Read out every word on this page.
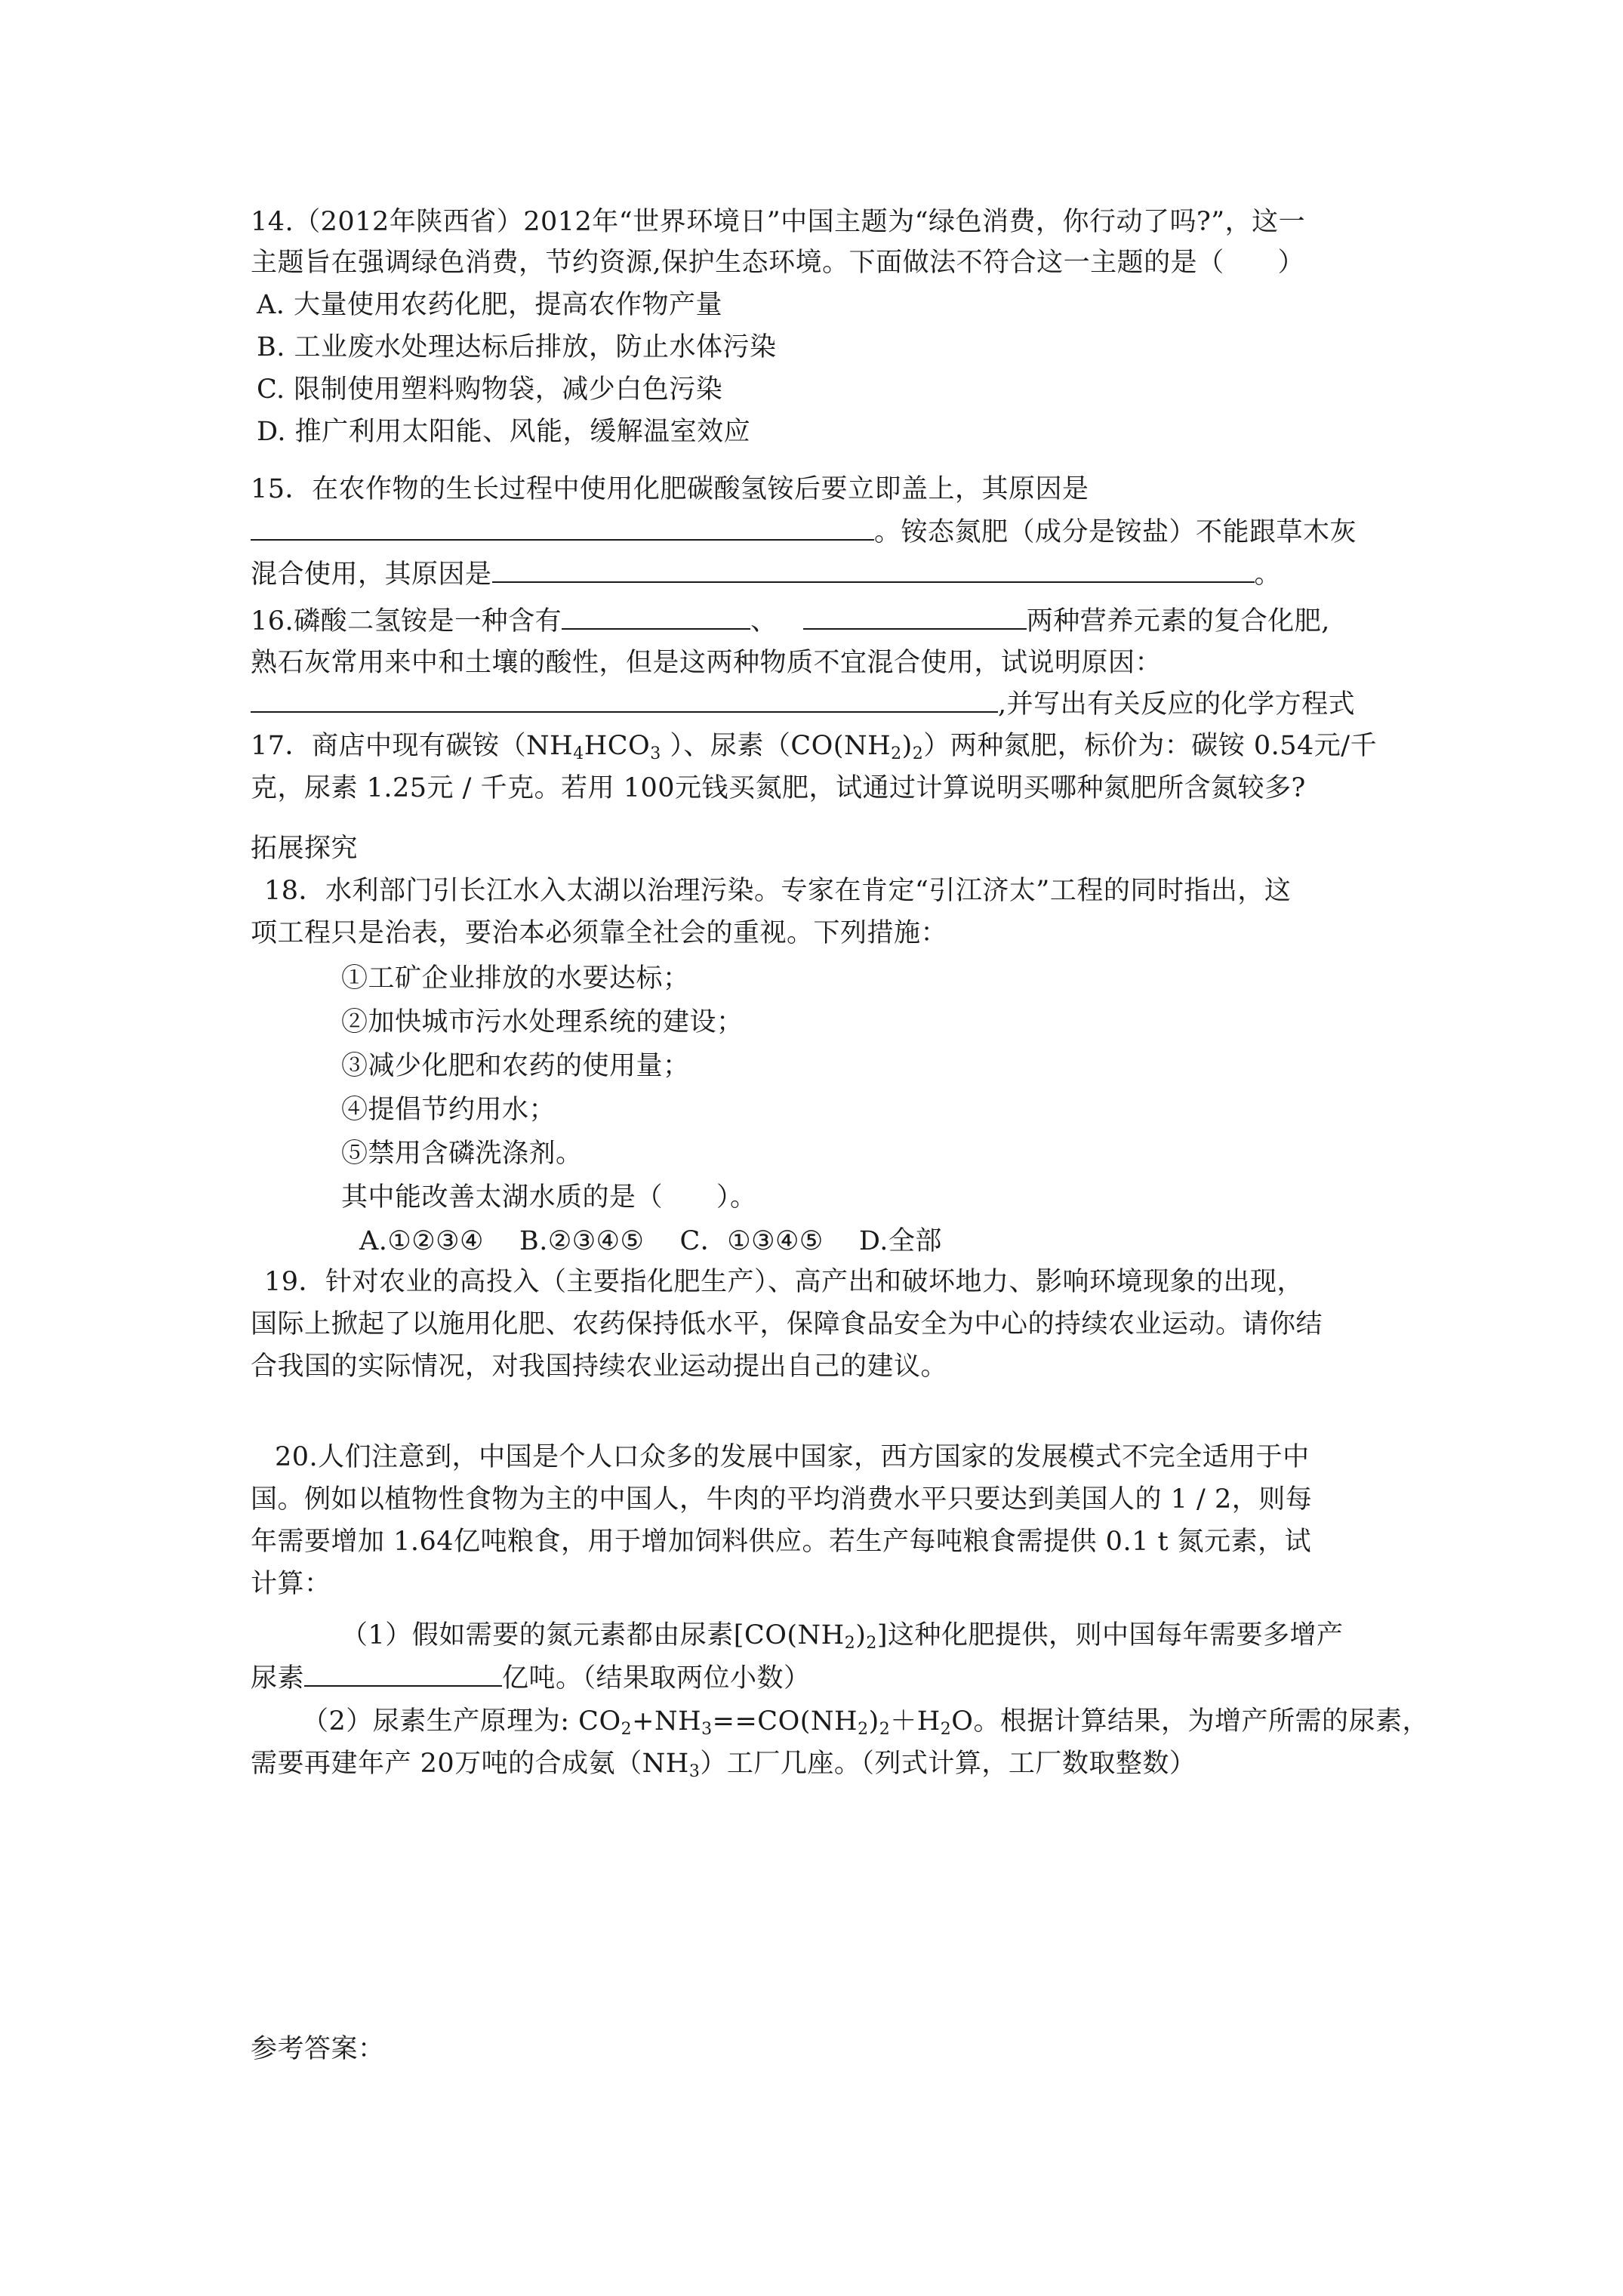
14.（2012年陕西省）2012年“世界环境日”中国主题为“绿色消费，你行动了吗?”，这一
主题旨在强调绿色消费，节约资源,保护生态环境。下面做法不符合这一主题的是（　　）
A. 大量使用农药化肥，提高农作物产量
B. 工业废水处理达标后排放，防止水体污染
C. 限制使用塑料购物袋，减少白色污染
D. 推广利用太阳能、风能，缓解温室效应
15．在农作物的生长过程中使用化肥碳酸氢铵后要立即盖上，其原因是
。铵态氮肥（成分是铵盐）不能跟草木灰
混合使用，其原因是	。
16.磷酸二氢铵是一种含有	、	两种营养元素的复合化肥,
熟石灰常用来中和土壤的酸性，但是这两种物质不宜混合使用，试说明原因：
,并写出有关反应的化学方程式
17．商店中现有碳铵（$NH_4HCO_3$ ）、尿素$(CO(NH_2)_2)$两种氮肥，标价为：碳铵 0.54元/千
克，尿素 1.25元 / 千克。若用 100元钱买氮肥，试通过计算说明买哪种氮肥所含氮较多?
拓展探究
18．水利部门引长江水入太湖以治理污染。专家在肯定“引江济太”工程的同时指出，这
项工程只是治表，要治本必须靠全社会的重视。下列措施：
①工矿企业排放的水要达标；
②加快城市污水处理系统的建设；
③减少化肥和农药的使用量；
④提倡节约用水；
⑤禁用含磷洗涤剂。
其中能改善太湖水质的是（　　）。
A.①②③④　 B.②③④⑤　 C．①③④⑤　 D.全部
19．针对农业的高投入（主要指化肥生产）、高产出和破坏地力、影响环境现象的出现，
国际上掀起了以施用化肥、农药保持低水平，保障食品安全为中心的持续农业运动。请你结
合我国的实际情况，对我国持续农业运动提出自己的建议。
20.人们注意到，中国是个人口众多的发展中国家，西方国家的发展模式不完全适用于中
国。例如以植物性食物为主的中国人，牛肉的平均消费水平只要达到美国人的 1 / 2，则每
年需要增加 1.64亿吨粮食，用于增加饲料供应。若生产每吨粮食需提供 0.1 t 氮元素，试
计算：
（1）假如需要的氮元素都由尿素$[CO(NH_2)_2]$这种化肥提供，则中国每年需要多增产
尿素	亿吨。（结果取两位小数）
（2）尿素生产原理为: $CO_2+NH_3==CO(NH_2)_2+H_2O$。根据计算结果，为增产所需的尿素，
需要再建年产 20万吨的合成氨$(NH_3)$工厂几座。（列式计算，工厂数取整数）
参考答案：
